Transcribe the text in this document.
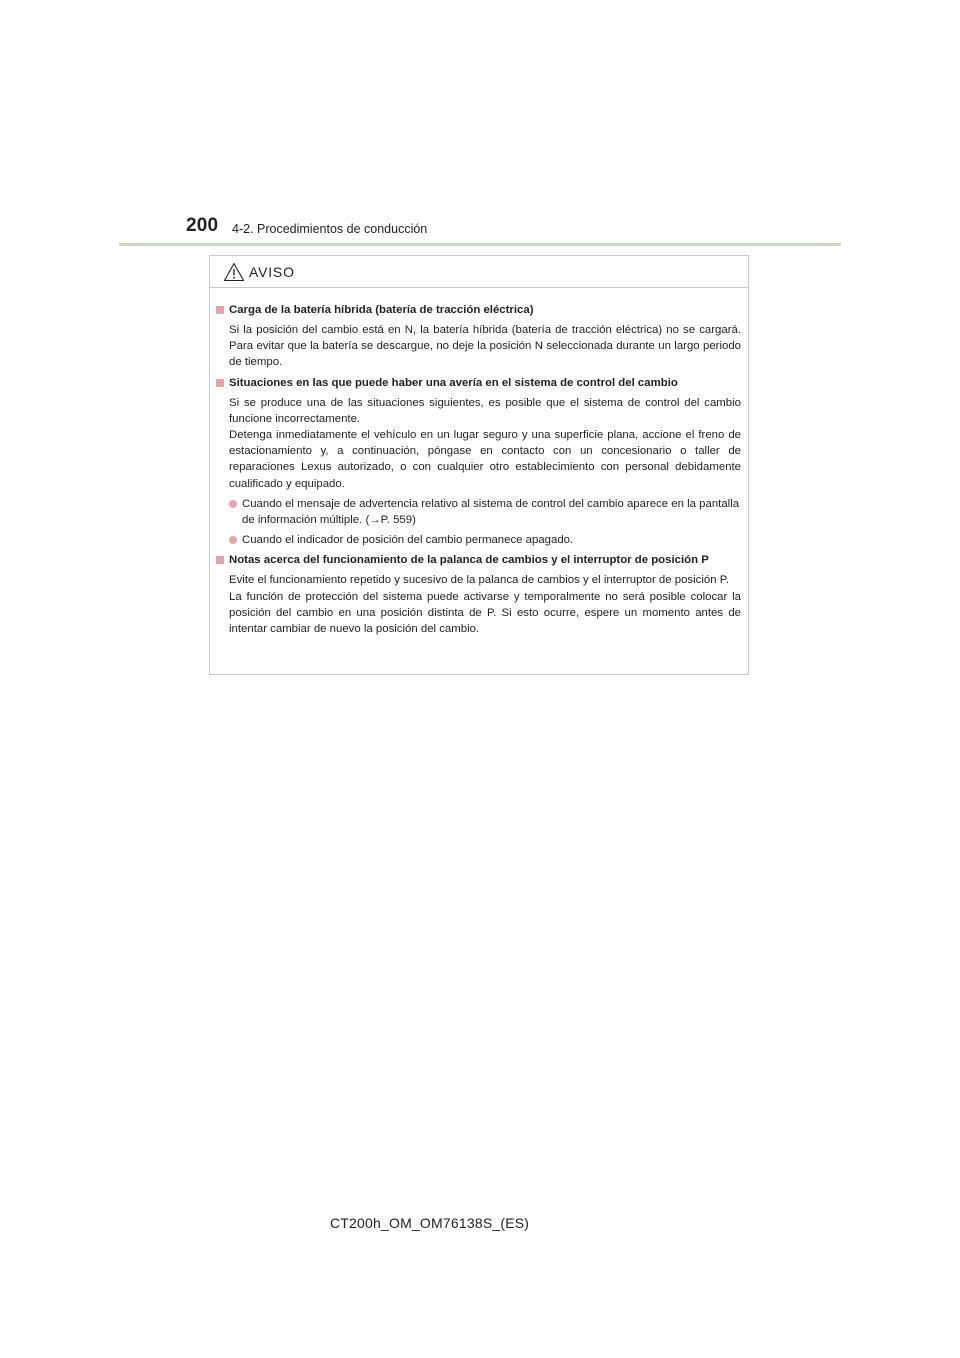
200 4-2. Procedimientos de conducción
AVISO
Carga de la batería híbrida (batería de tracción eléctrica)

Si la posición del cambio está en N, la batería híbrida (batería de tracción eléctrica) no se cargará. Para evitar que la batería se descargue, no deje la posición N seleccionada durante un largo periodo de tiempo.

Situaciones en las que puede haber una avería en el sistema de control del cambio

Si se produce una de las situaciones siguientes, es posible que el sistema de control del cambio funcione incorrectamente.

Detenga inmediatamente el vehículo en un lugar seguro y una superficie plana, accione el freno de estacionamiento y, a continuación, póngase en contacto con un concesionario o taller de reparaciones Lexus autorizado, o con cualquier otro establecimiento con personal debidamente cualificado y equipado.

Cuando el mensaje de advertencia relativo al sistema de control del cambio aparece en la pantalla de información múltiple. (→P. 559)
Cuando el indicador de posición del cambio permanece apagado.
Notas acerca del funcionamiento de la palanca de cambios y el interruptor de posición P

Evite el funcionamiento repetido y sucesivo de la palanca de cambios y el interruptor de posición P.

La función de protección del sistema puede activarse y temporalmente no será posible colocar la posición del cambio en una posición distinta de P. Si esto ocurre, espere un momento antes de intentar cambiar de nuevo la posición del cambio.

CT200h_OM_OM76138S_(ES)
